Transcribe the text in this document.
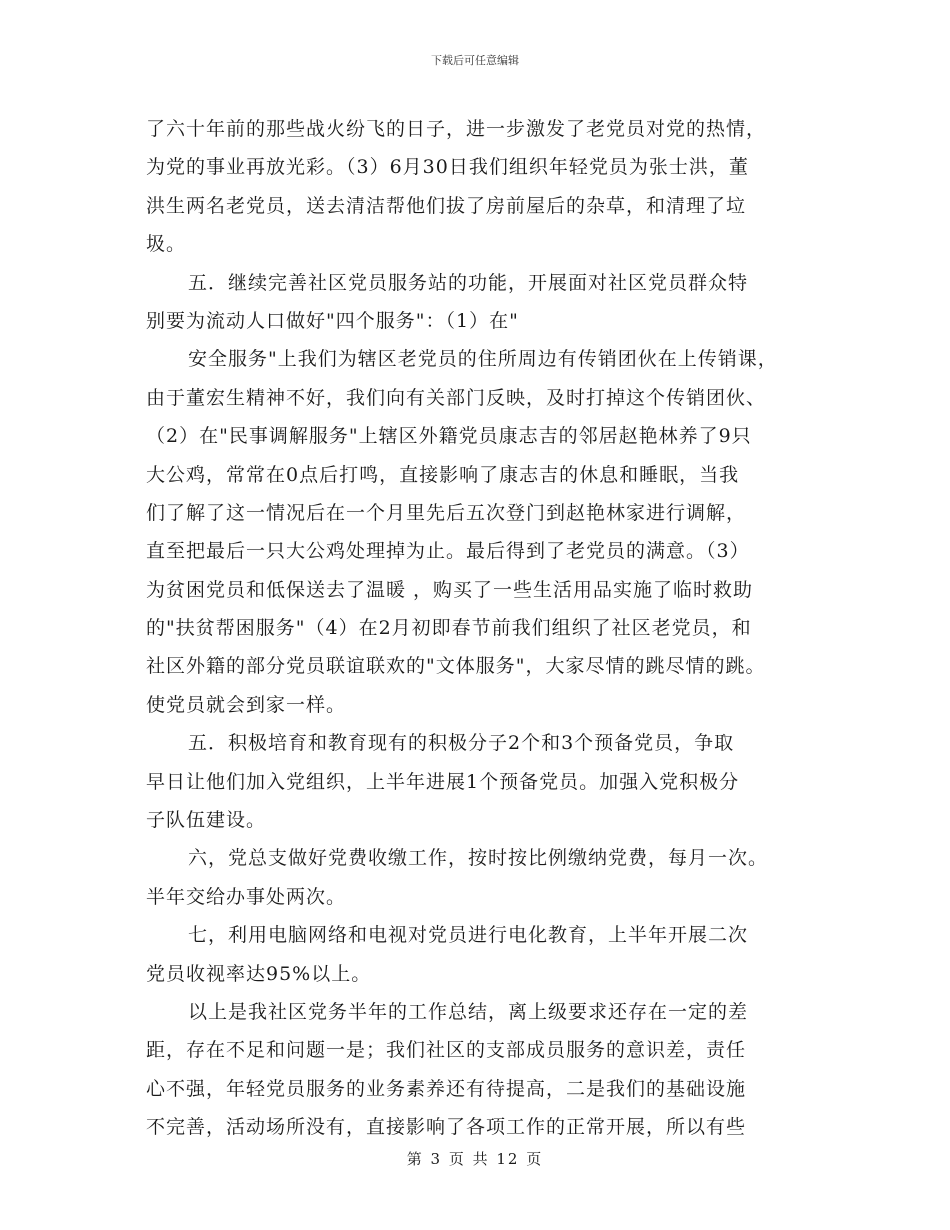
下载后可任意编辑
了六十年前的那些战火纷飞的日子，进一步激发了老党员对党的热情，
为党的事业再放光彩。（3）6月30日我们组织年轻党员为张士洪，董
洪生两名老党员，送去清洁帮他们拔了房前屋后的杂草，和清理了垃
圾。
五．继续完善社区党员服务站的功能，开展面对社区党员群众特
别要为流动人口做好"四个服务"：（1）在"
安全服务"上我们为辖区老党员的住所周边有传销团伙在上传销课，
由于董宏生精神不好，我们向有关部门反映，及时打掉这个传销团伙、
（2）在"民事调解服务"上辖区外籍党员康志吉的邻居赵艳林养了9只
大公鸡，常常在0点后打鸣，直接影响了康志吉的休息和睡眠，当我
们了解了这一情况后在一个月里先后五次登门到赵艳林家进行调解，
直至把最后一只大公鸡处理掉为止。最后得到了老党员的满意。（3）
为贫困党员和低保送去了温暖 ，购买了一些生活用品实施了临时救助
的"扶贫帮困服务"（4）在2月初即春节前我们组织了社区老党员，和
社区外籍的部分党员联谊联欢的"文体服务"，大家尽情的跳尽情的跳。
使党员就会到家一样。
五．积极培育和教育现有的积极分子2个和3个预备党员，争取
早日让他们加入党组织，上半年进展1个预备党员。加强入党积极分
子队伍建设。
六，党总支做好党费收缴工作，按时按比例缴纳党费，每月一次。
半年交给办事处两次。
七，利用电脑网络和电视对党员进行电化教育，上半年开展二次
党员收视率达95%以上。
以上是我社区党务半年的工作总结，离上级要求还存在一定的差
距，存在不足和问题一是；我们社区的支部成员服务的意识差，责任
心不强，年轻党员服务的业务素养还有待提高，二是我们的基础设施
不完善，活动场所没有，直接影响了各项工作的正常开展，所以有些
第 3 页 共 12 页
